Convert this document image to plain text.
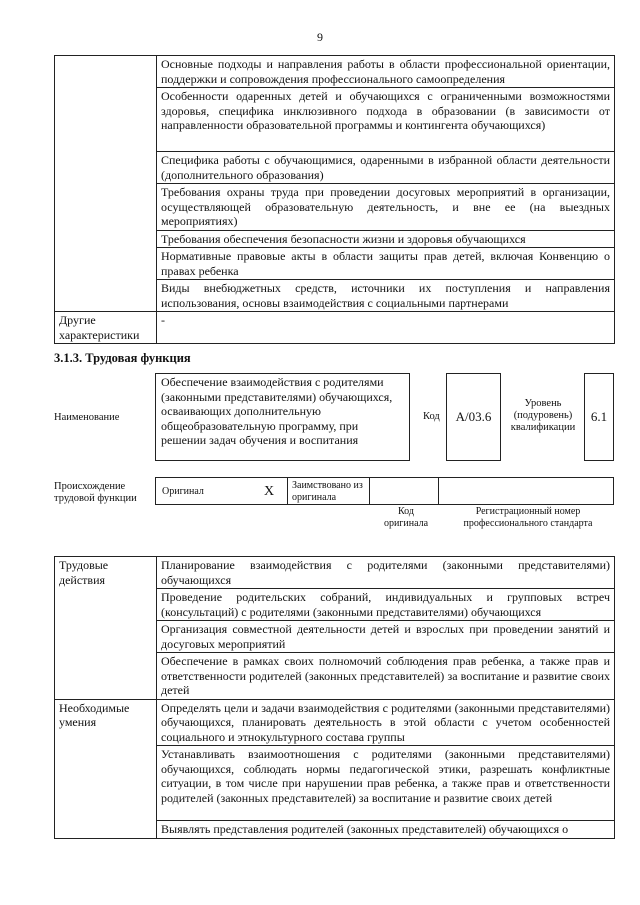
9
	Основные подходы и направления работы в области профессиональной ориентации, поддержки и сопровождения профессионального самоопределения
	Особенности одаренных детей и обучающихся с ограниченными возможностями здоровья, специфика инклюзивного подхода в образовании (в зависимости от направленности образовательной программы и контингента обучающихся)
	Специфика работы с обучающимися, одаренными в избранной области деятельности (дополнительного образования)
	Требования охраны труда при проведении досуговых мероприятий в организации, осуществляющей образовательную деятельность, и вне ее (на выездных мероприятиях)
	Требования обеспечения безопасности жизни и здоровья обучающихся
	Нормативные правовые акты в области защиты прав детей, включая Конвенцию о правах ребенка
	Виды внебюджетных средств, источники их поступления и направления использования, основы взаимодействия с социальными партнерами
Другие характеристики	-
3.1.3. Трудовая функция
Наименование
Обеспечение взаимодействия с родителями (законными представителями) обучающихся, осваивающих дополнительную общеобразовательную программу, при решении задач обучения и воспитания
Код	A/03.6
Уровень (подуровень) квалификации
6.1
Происхождение трудовой функции
Оригинал	X Заимствовано из оригинала
Код оригинала
Регистрационный номер профессионального стандарта
Трудовые действия	Планирование взаимодействия с родителями (законными представителями) обучающихся
	Проведение родительских собраний, индивидуальных и групповых встреч (консультаций) с родителями (законными представителями) обучающихся
	Организация совместной деятельности детей и взрослых при проведении занятий и досуговых мероприятий
	Обеспечение в рамках своих полномочий соблюдения прав ребенка, а также прав и ответственности родителей (законных представителей) за воспитание и развитие своих детей
Необходимые умения	Определять цели и задачи взаимодействия с родителями (законными представителями) обучающихся, планировать деятельность в этой области с учетом особенностей социального и этнокультурного состава группы
	Устанавливать взаимоотношения с родителями (законными представителями) обучающихся, соблюдать нормы педагогической этики, разрешать конфликтные ситуации, в том числе при нарушении прав ребенка, а также прав и ответственности родителей (законных представителей) за воспитание и развитие своих детей
	Выявлять представления родителей (законных представителей) обучающихся о
